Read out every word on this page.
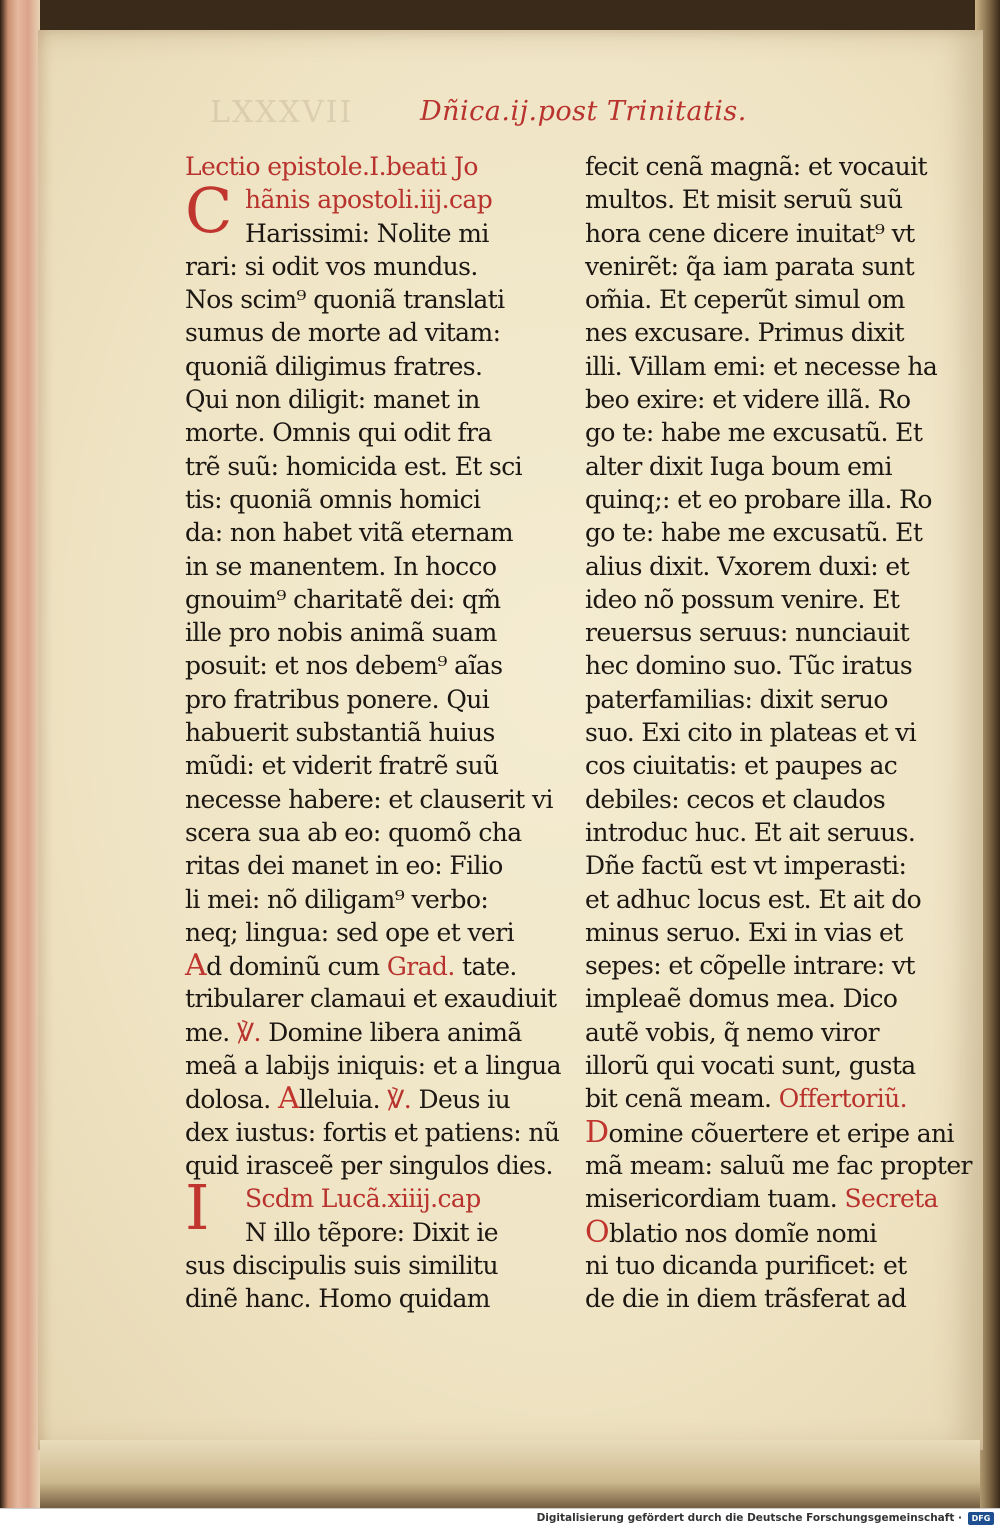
LXXXVII Dñica.ij.post Trinitatis.
Lectio epistole.I.beati Jo
hãnis apostoli.iij.cap
C Harissimi: Nolite mi
rari: si odit vos mundus.
Nos scim⁹ quoniã translati
sumus de morte ad vitam:
quoniã diligimus fratres.
Qui non diligit: manet in
morte. Omnis qui odit fra
trẽ suũ: homicida est. Et sci
tis: quoniã omnis homici
da: non habet vitã eternam
in se manentem. In hocco
gnouim⁹ charitatẽ dei: qm̃
ille pro nobis animã suam
posuit: et nos debem⁹ aĩas
pro fratribus ponere. Qui
habuerit substantiã huius
mũdi: et viderit fratrẽ suũ
necesse habere: et clauserit vi
scera sua ab eo: quomõ cha
ritas dei manet in eo: Filio
li mei: nõ diligam⁹ verbo:
neq; lingua: sed ope et veri
Ad dominũ cum Grad. tate.
tribularer clamaui et exaudiuit
me. ℣. Domine libera animã
meã a labijs iniquis: et a lingua
dolosa. Alleluia. ℣. Deus iu
dex iustus: fortis et patiens: nũ
quid irasceẽ per singulos dies.
I	Scdm Lucã.xiiij.cap
N illo tẽpore: Dixit ie
sus discipulis suis similitu
dinẽ hanc. Homo quidam
fecit cenã magnã: et vocauit
multos. Et misit seruũ suũ
hora cene dicere inuitat⁹ vt
venirẽt: q̃a iam parata sunt
om̃ia. Et ceperũt simul om
nes excusare. Primus dixit
illi. Villam emi: et necesse ha
beo exire: et videre illã. Ro
go te: habe me excusatũ. Et
alter dixit Iuga boum emi
quinq;: et eo probare illa. Ro
go te: habe me excusatũ. Et
alius dixit. Vxorem duxi: et
ideo nõ possum venire. Et
reuersus seruus: nunciauit
hec domino suo. Tũc iratus
paterfamilias: dixit seruo
suo. Exi cito in plateas et vi
cos ciuitatis: et paupes ac
debiles: cecos et claudos
introduc huc. Et ait seruus.
Dñe factũ est vt imperasti:
et adhuc locus est. Et ait do
minus seruo. Exi in vias et
sepes: et cõpelle intrare: vt
impleaẽ domus mea. Dico
autẽ vobis, q̃ nemo viror
illorũ qui vocati sunt, gusta
bit cenã meam. Offertoriũ.
Domine cõuertere et eripe ani
mã meam: saluũ me fac propter
misericordiam tuam. Secreta
Oblatio nos domĩe nomi
ni tuo dicanda purificet: et
de die in diem trãsferat ad
Digitalisierung gefördert durch die Deutsche Forschungsgemeinschaft ·	DFG
